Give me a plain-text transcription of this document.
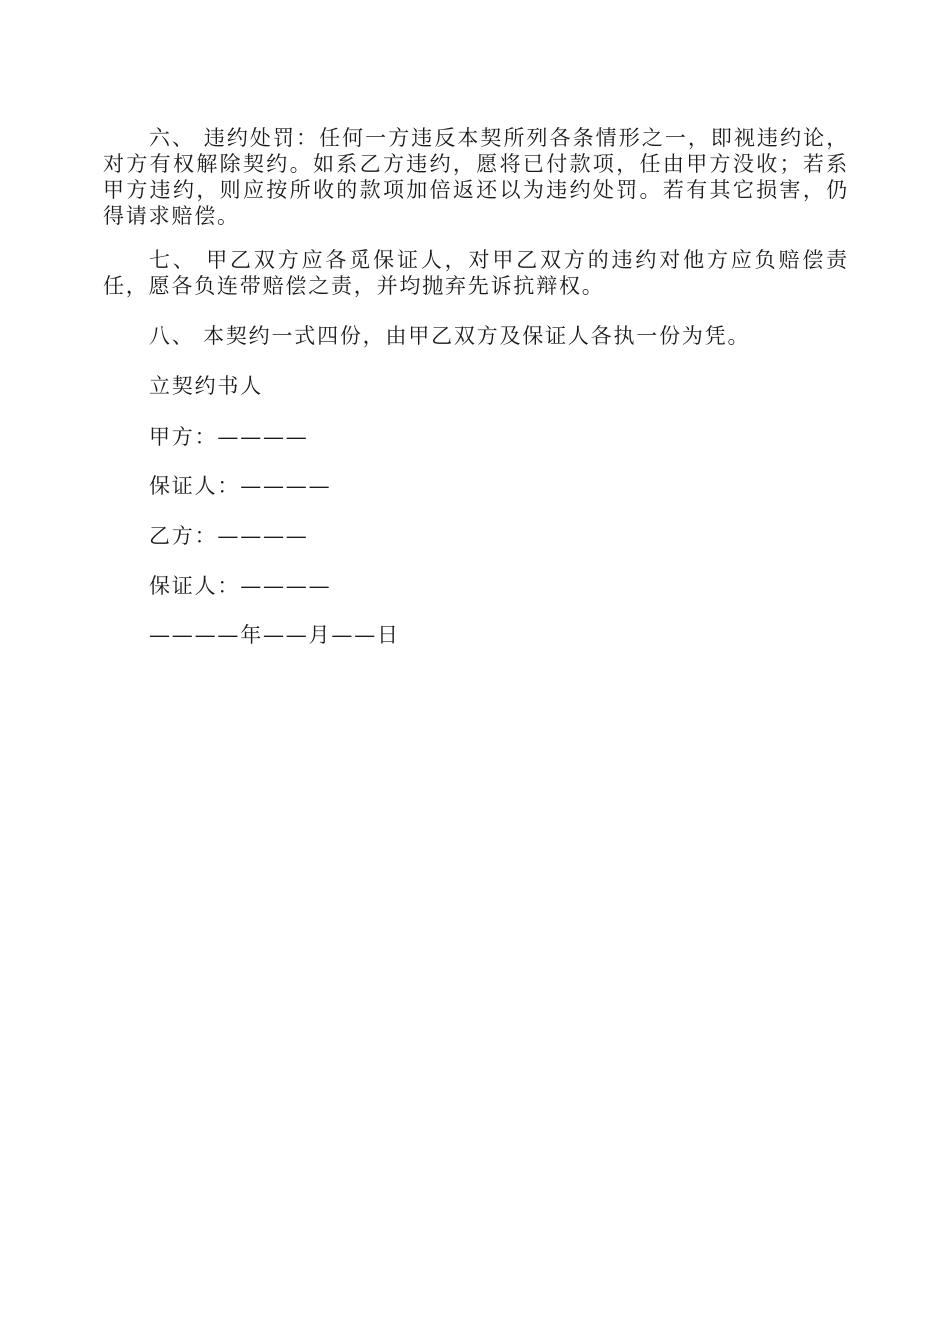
六、 违约处罚：任何一方违反本契所列各条情形之一，即视违约论，对方有权解除契约。如系乙方违约，愿将已付款项，任由甲方没收；若系甲方违约，则应按所收的款项加倍返还以为违约处罚。若有其它损害，仍得请求赔偿。

七、 甲乙双方应各觅保证人，对甲乙双方的违约对他方应负赔偿责任，愿各负连带赔偿之责，并均抛弃先诉抗辩权。

八、 本契约一式四份，由甲乙双方及保证人各执一份为凭。

立契约书人

甲方：————

保证人：————

乙方：————

保证人：————

————年——月——日
